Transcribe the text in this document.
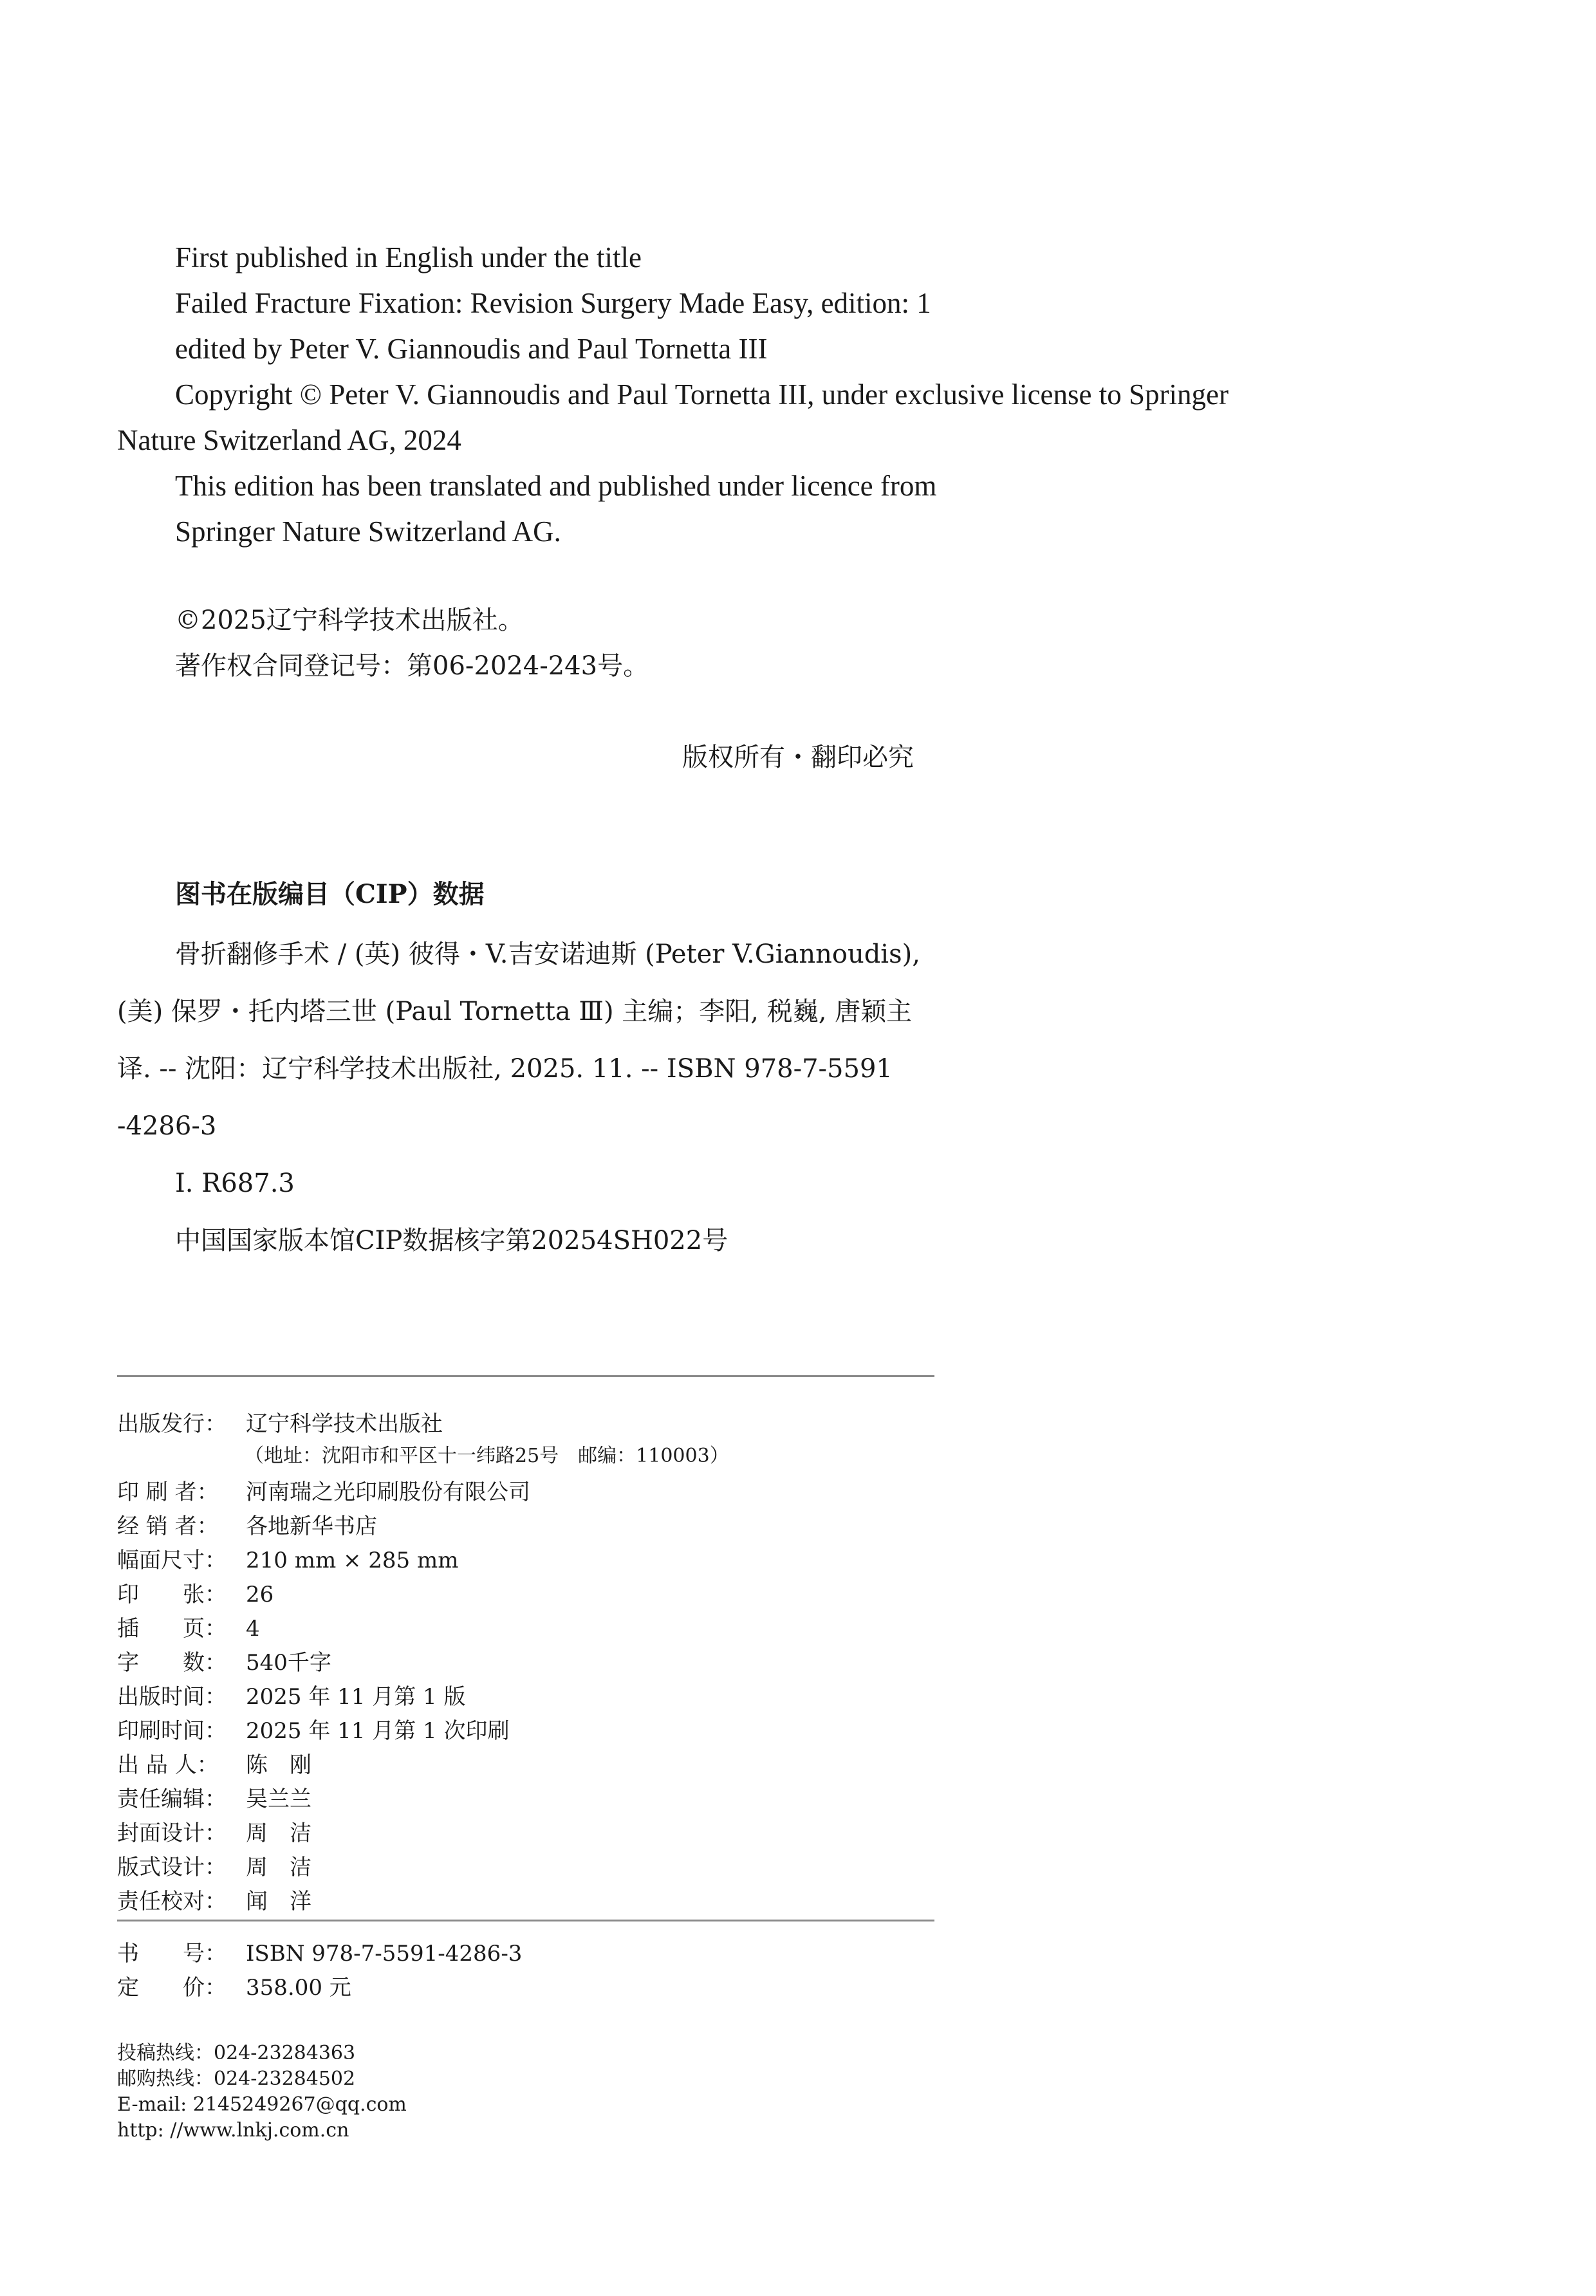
First published in English under the title
Failed Fracture Fixation: Revision Surgery Made Easy, edition: 1
edited by Peter V. Giannoudis and Paul Tornetta III
Copyright © Peter V. Giannoudis and Paul Tornetta III, under exclusive license to Springer
Nature Switzerland AG, 2024
This edition has been translated and published under licence from
Springer Nature Switzerland AG.
©2025辽宁科学技术出版社。
著作权合同登记号：第06-2024-243号。
版权所有・翻印必究
图书在版编目（CIP）数据
骨折翻修手术 / (英) 彼得・V.吉安诺迪斯 (Peter V.Giannoudis),
(美) 保罗・托内塔三世 (Paul Tornetta Ⅲ) 主编；李阳, 税巍, 唐颖主
译. -- 沈阳：辽宁科学技术出版社, 2025. 11. -- ISBN 978-7-5591
-4286-3
Ⅰ. R687.3
中国国家版本馆CIP数据核字第20254SH022号
出版发行： 辽宁科学技术出版社
（地址：沈阳市和平区十一纬路25号　邮编：110003）
印 刷 者： 河南瑞之光印刷股份有限公司
经 销 者： 各地新华书店
幅面尺寸： 210 mm × 285 mm
印　　张： 26
插　　页： 4
字　　数： 540千字
出版时间： 2025 年 11 月第 1 版
印刷时间： 2025 年 11 月第 1 次印刷
出 品 人： 陈　刚
责任编辑： 吴兰兰
封面设计： 周　洁
版式设计： 周　洁
责任校对： 闻　洋
书　　号： ISBN 978-7-5591-4286-3
定　　价： 358.00 元
投稿热线：024-23284363
邮购热线：024-23284502
E-mail: 2145249267@qq.com
http: //www.lnkj.com.cn
